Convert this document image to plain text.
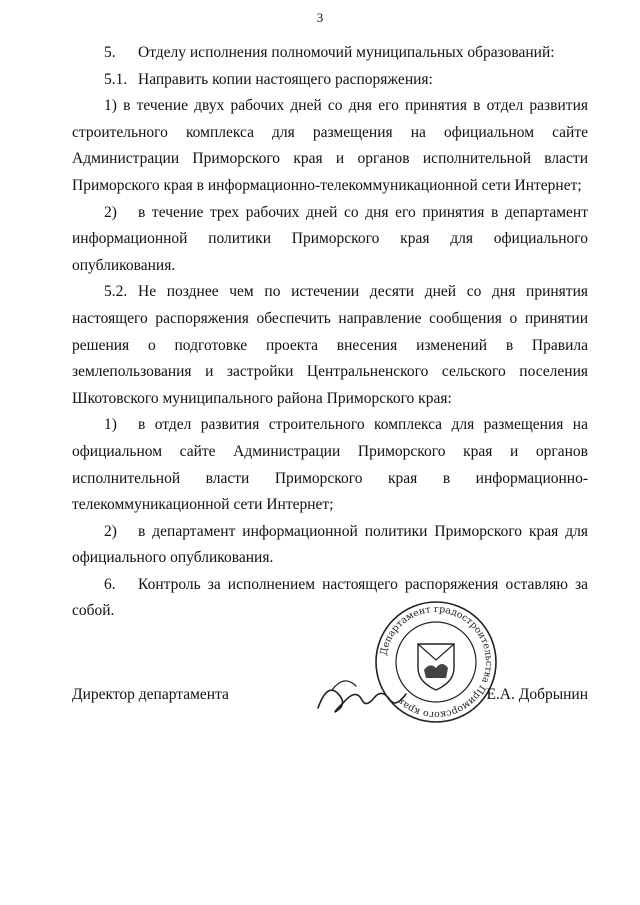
3

5. Отделу исполнения полномочий муниципальных образований:

5.1. Направить копии настоящего распоряжения:

1) в течение двух рабочих дней со дня его принятия в отдел развития строительного комплекса для размещения на официальном сайте Администрации Приморского края и органов исполнительной власти Приморского края в информационно-телекоммуникационной сети Интернет;

2) в течение трех рабочих дней со дня его принятия в департамент информационной политики Приморского края для официального опубликования.

5.2. Не позднее чем по истечении десяти дней со дня принятия настоящего распоряжения обеспечить направление сообщения о принятии решения о подготовке проекта внесения изменений в Правила землепользования и застройки Центральненского сельского поселения Шкотовского муниципального района Приморского края:

1) в отдел развития строительного комплекса для размещения на официальном сайте Администрации Приморского края и органов исполнительной власти Приморского края в информационно-телекоммуникационной сети Интернет;

2) в департамент информационной политики Приморского края для официального опубликования.

6. Контроль за исполнением настоящего распоряжения оставляю за собой.

Департамент градостроительства Приморского края
Директор департамента	Е.А. Добрынин
